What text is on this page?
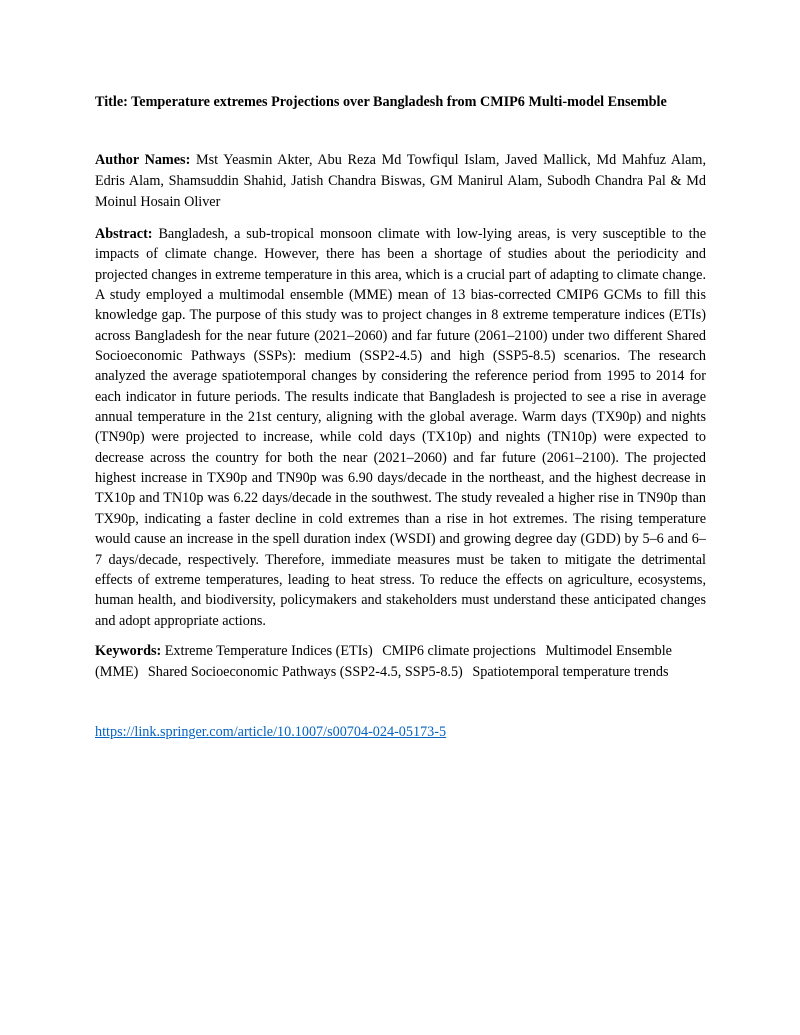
Title: Temperature extremes Projections over Bangladesh from CMIP6 Multi-model Ensemble

Author Names: Mst Yeasmin Akter, Abu Reza Md Towfiqul Islam, Javed Mallick, Md Mahfuz Alam, Edris Alam, Shamsuddin Shahid, Jatish Chandra Biswas, GM Manirul Alam, Subodh Chandra Pal & Md Moinul Hosain Oliver

Abstract: Bangladesh, a sub-tropical monsoon climate with low-lying areas, is very susceptible to the impacts of climate change. However, there has been a shortage of studies about the periodicity and projected changes in extreme temperature in this area, which is a crucial part of adapting to climate change. A study employed a multimodal ensemble (MME) mean of 13 bias-corrected CMIP6 GCMs to fill this knowledge gap. The purpose of this study was to project changes in 8 extreme temperature indices (ETIs) across Bangladesh for the near future (2021–2060) and far future (2061–2100) under two different Shared Socioeconomic Pathways (SSPs): medium (SSP2-4.5) and high (SSP5-8.5) scenarios. The research analyzed the average spatiotemporal changes by considering the reference period from 1995 to 2014 for each indicator in future periods. The results indicate that Bangladesh is projected to see a rise in average annual temperature in the 21st century, aligning with the global average. Warm days (TX90p) and nights (TN90p) were projected to increase, while cold days (TX10p) and nights (TN10p) were expected to decrease across the country for both the near (2021–2060) and far future (2061–2100). The projected highest increase in TX90p and TN90p was 6.90 days/decade in the northeast, and the highest decrease in TX10p and TN10p was 6.22 days/decade in the southwest. The study revealed a higher rise in TN90p than TX90p, indicating a faster decline in cold extremes than a rise in hot extremes. The rising temperature would cause an increase in the spell duration index (WSDI) and growing degree day (GDD) by 5–6 and 6–7 days/decade, respectively. Therefore, immediate measures must be taken to mitigate the detrimental effects of extreme temperatures, leading to heat stress. To reduce the effects on agriculture, ecosystems, human health, and biodiversity, policymakers and stakeholders must understand these anticipated changes and adopt appropriate actions.

Keywords: Extreme Temperature Indices (ETIs) CMIP6 climate projections Multimodel Ensemble (MME) Shared Socioeconomic Pathways (SSP2-4.5, SSP5-8.5) Spatiotemporal temperature trends

https://link.springer.com/article/10.1007/s00704-024-05173-5
